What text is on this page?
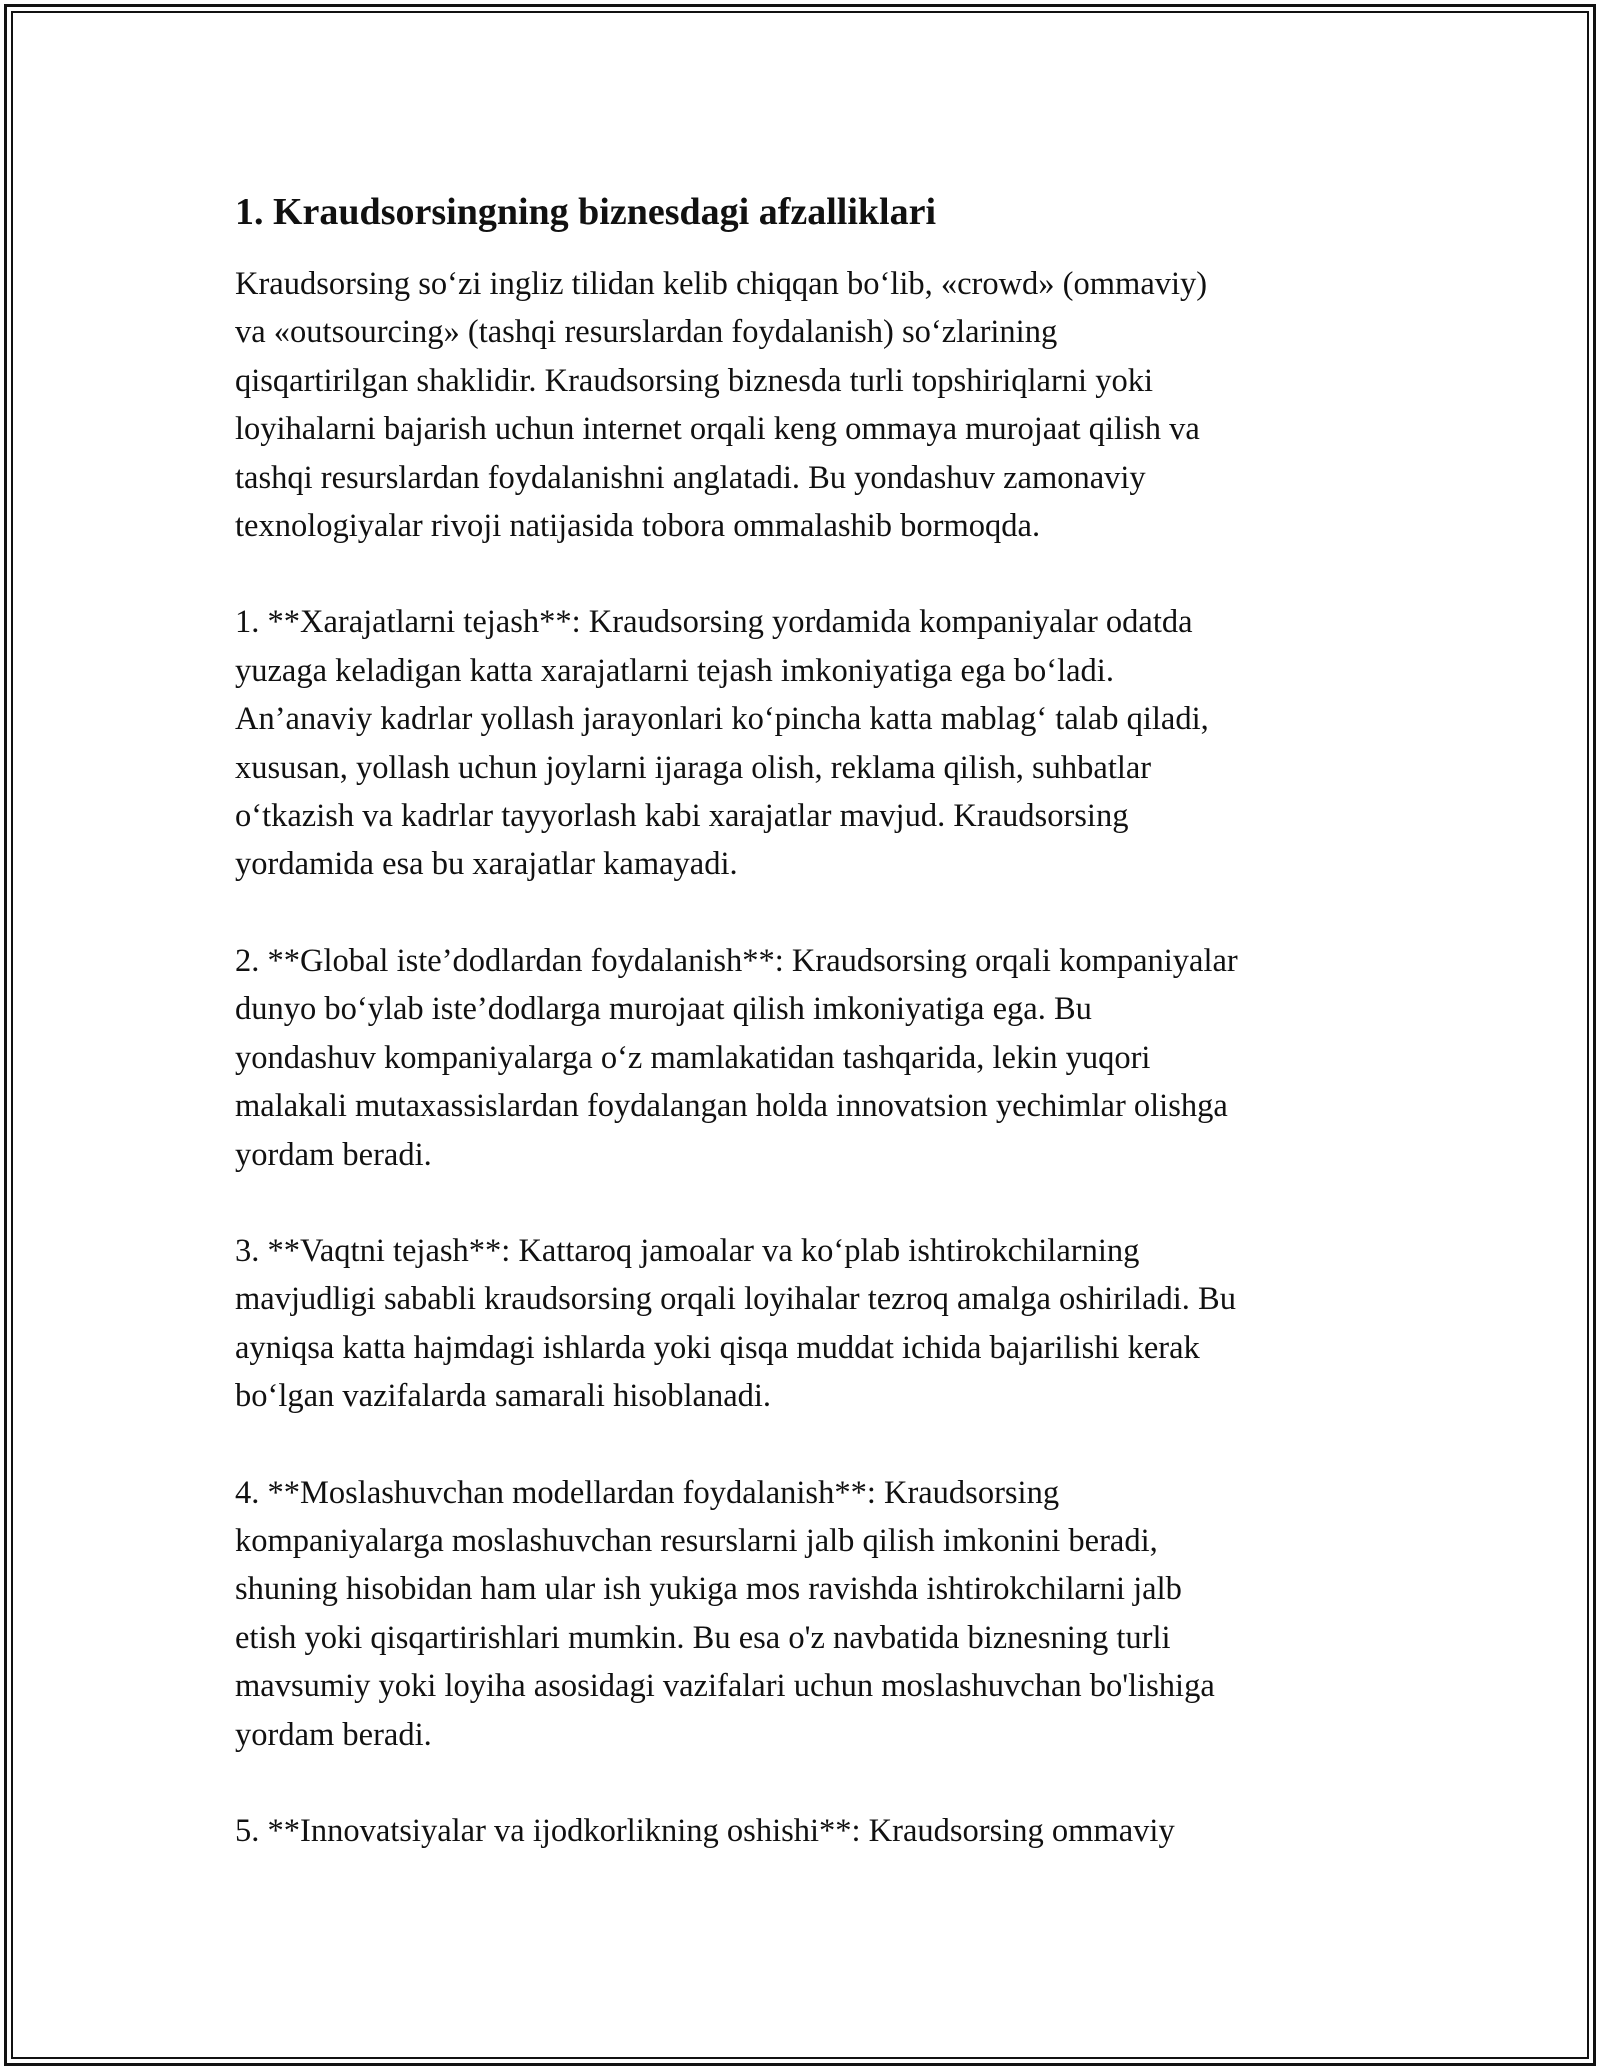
1. Kraudsorsingning biznesdagi afzalliklari

Kraudsorsing so‘zi ingliz tilidan kelib chiqqan bo‘lib, «crowd» (ommaviy)
va «outsourcing» (tashqi resurslardan foydalanish) so‘zlarining
qisqartirilgan shaklidir. Kraudsorsing biznesda turli topshiriqlarni yoki
loyihalarni bajarish uchun internet orqali keng ommaya murojaat qilish va
tashqi resurslardan foydalanishni anglatadi. Bu yondashuv zamonaviy
texnologiyalar rivoji natijasida tobora ommalashib bormoqda.

1. **Xarajatlarni tejash**: Kraudsorsing yordamida kompaniyalar odatda
yuzaga keladigan katta xarajatlarni tejash imkoniyatiga ega bo‘ladi.
An’anaviy kadrlar yollash jarayonlari ko‘pincha katta mablag‘ talab qiladi,
xususan, yollash uchun joylarni ijaraga olish, reklama qilish, suhbatlar
o‘tkazish va kadrlar tayyorlash kabi xarajatlar mavjud. Kraudsorsing
yordamida esa bu xarajatlar kamayadi.

2. **Global iste’dodlardan foydalanish**: Kraudsorsing orqali kompaniyalar
dunyo bo‘ylab iste’dodlarga murojaat qilish imkoniyatiga ega. Bu
yondashuv kompaniyalarga o‘z mamlakatidan tashqarida, lekin yuqori
malakali mutaxassislardan foydalangan holda innovatsion yechimlar olishga
yordam beradi.

3. **Vaqtni tejash**: Kattaroq jamoalar va ko‘plab ishtirokchilarning
mavjudligi sababli kraudsorsing orqali loyihalar tezroq amalga oshiriladi. Bu
ayniqsa katta hajmdagi ishlarda yoki qisqa muddat ichida bajarilishi kerak
bo‘lgan vazifalarda samarali hisoblanadi.

4. **Moslashuvchan modellardan foydalanish**: Kraudsorsing
kompaniyalarga moslashuvchan resurslarni jalb qilish imkonini beradi,
shuning hisobidan ham ular ish yukiga mos ravishda ishtirokchilarni jalb
etish yoki qisqartirishlari mumkin. Bu esa o'z navbatida biznesning turli
mavsumiy yoki loyiha asosidagi vazifalari uchun moslashuvchan bo'lishiga
yordam beradi.

5. **Innovatsiyalar va ijodkorlikning oshishi**: Kraudsorsing ommaviy
